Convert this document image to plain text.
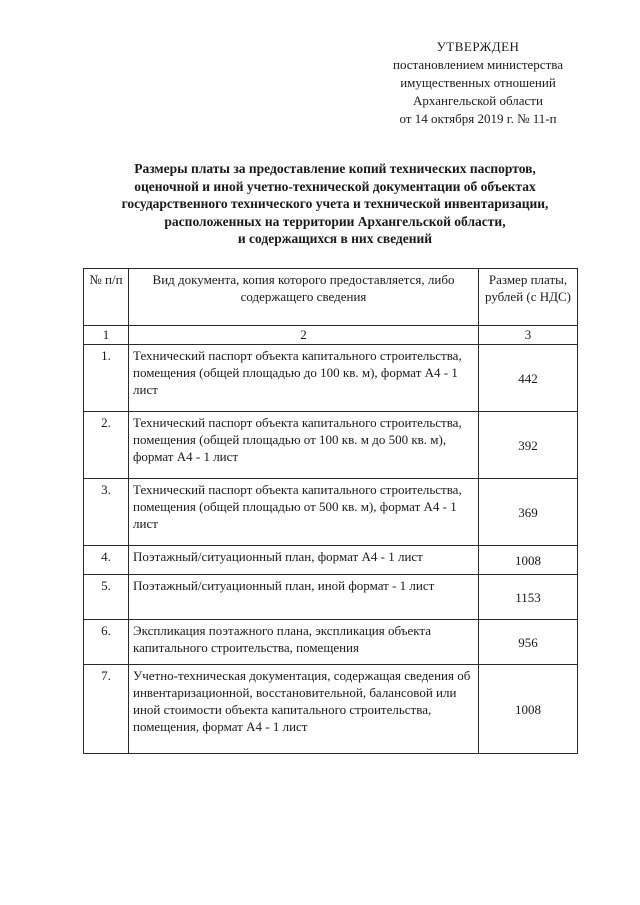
УТВЕРЖДЕН
постановлением министерства
имущественных отношений
Архангельской области
от 14 октября 2019 г. № 11-п
Размеры платы за предоставление копий технических паспортов,
оценочной и иной учетно-технической документации об объектах
государственного технического учета и технической инвентаризации,
расположенных на территории Архангельской области,
и содержащихся в них сведений
№ п/п	Вид документа, копия которого предоставляется, либо содержащего сведения	Размер платы, рублей (с НДС)
1	2	3
1.	Технический паспорт объекта капитального строительства, помещения (общей площадью до 100 кв. м), формат А4 - 1 лист	442
2.	Технический паспорт объекта капитального строительства, помещения (общей площадью от 100 кв. м до 500 кв. м), формат А4 - 1 лист	392
3.	Технический паспорт объекта капитального строительства, помещения (общей площадью от 500 кв. м), формат А4 - 1 лист	369
4.	Поэтажный/ситуационный план, формат А4 - 1 лист	1008
5.	Поэтажный/ситуационный план, иной формат - 1 лист	1153
6.	Экспликация поэтажного плана, экспликация объекта капитального строительства, помещения	956
7.	Учетно-техническая документация, содержащая сведения об инвентаризационной, восстановительной, балансовой или иной стоимости объекта капитального строительства, помещения, формат А4 - 1 лист	1008
